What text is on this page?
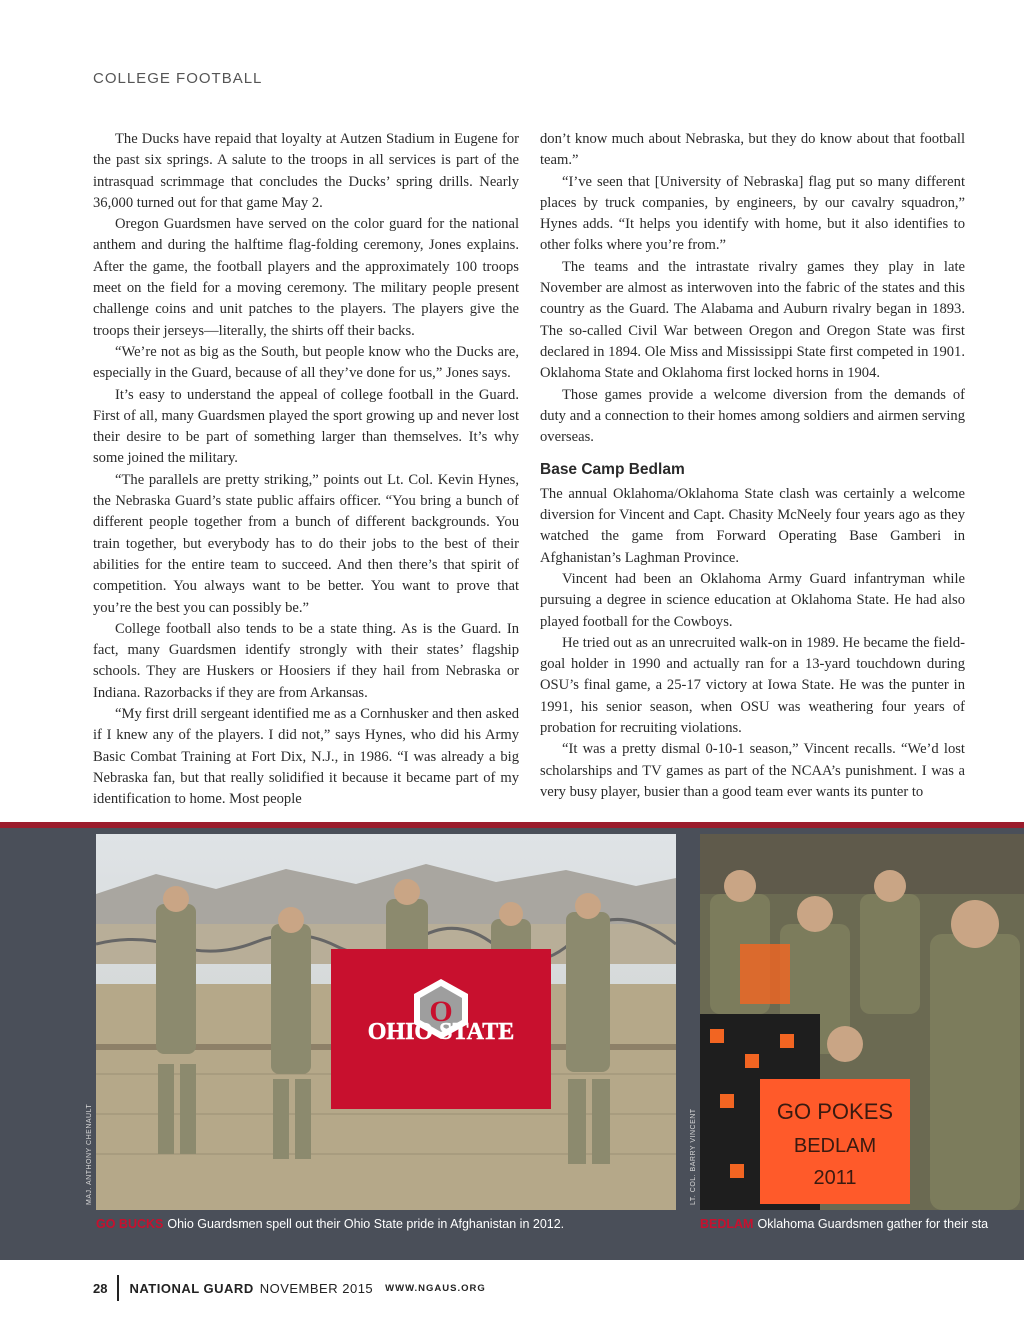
COLLEGE FOOTBALL

The Ducks have repaid that loyalty at Autzen Stadium in Eugene for the past six springs. A salute to the troops in all services is part of the intrasquad scrimmage that concludes the Ducks’ spring drills. Nearly 36,000 turned out for that game May 2.

Oregon Guardsmen have served on the color guard for the national anthem and during the halftime flag-folding ceremony, Jones explains. After the game, the football players and the approximately 100 troops meet on the field for a moving ceremony. The military people present challenge coins and unit patches to the players. The players give the troops their jerseys—literally, the shirts off their backs.

“We’re not as big as the South, but people know who the Ducks are, especially in the Guard, because of all they’ve done for us,” Jones says.

It’s easy to understand the appeal of college football in the Guard. First of all, many Guardsmen played the sport growing up and never lost their desire to be part of something larger than themselves. It’s why some joined the military.

“The parallels are pretty striking,” points out Lt. Col. Kevin Hynes, the Nebraska Guard’s state public affairs officer. “You bring a bunch of different people together from a bunch of different backgrounds. You train together, but everybody has to do their jobs to the best of their abilities for the entire team to succeed. And then there’s that spirit of competition. You always want to be better. You want to prove that you’re the best you can possibly be.”

College football also tends to be a state thing. As is the Guard. In fact, many Guardsmen identify strongly with their states’ flagship schools. They are Huskers or Hoosiers if they hail from Nebraska or Indiana. Razorbacks if they are from Arkansas.

“My first drill sergeant identified me as a Cornhusker and then asked if I knew any of the players. I did not,” says Hynes, who did his Army Basic Combat Training at Fort Dix, N.J., in 1986. “I was already a big Nebraska fan, but that really solidified it because it became part of my identification to home. Most people

don’t know much about Nebraska, but they do know about that football team.”

“I’ve seen that [University of Nebraska] flag put so many different places by truck companies, by engineers, by our cavalry squadron,” Hynes adds. “It helps you identify with home, but it also identifies to other folks where you’re from.”

The teams and the intrastate rivalry games they play in late November are almost as interwoven into the fabric of the states and this country as the Guard. The Alabama and Auburn rivalry began in 1893. The so-called Civil War between Oregon and Oregon State was first declared in 1894. Ole Miss and Mississippi State first competed in 1901. Oklahoma State and Oklahoma first locked horns in 1904.

Those games provide a welcome diversion from the demands of duty and a connection to their homes among soldiers and airmen serving overseas.

Base Camp Bedlam

The annual Oklahoma/Oklahoma State clash was certainly a welcome diversion for Vincent and Capt. Chasity McNeely four years ago as they watched the game from Forward Operating Base Gamberi in Afghanistan’s Laghman Province.

Vincent had been an Oklahoma Army Guard infantryman while pursuing a degree in science education at Oklahoma State. He had also played football for the Cowboys.

He tried out as an unrecruited walk-on in 1989. He became the field-goal holder in 1990 and actually ran for a 13-yard touchdown during OSU’s final game, a 25-17 victory at Iowa State. He was the punter in 1991, his senior season, when OSU was weathering four years of probation for recruiting violations.

“It was a pretty dismal 0-10-1 season,” Vincent recalls. “We’d lost scholarships and TV games as part of the NCAA’s punishment. I was a very busy player, busier than a good team ever wants its punter to

O
OHIO STATE
MAJ. ANTHONY CHENAULT
GO BUCKS Ohio Guardsmen spell out their Ohio State pride in Afghanistan in 2012.
GO POKES
BEDLAM
2011
LT. COL. BARRY VINCENT
BEDLAM Oklahoma Guardsmen gather for their sta
28 NATIONAL GUARD NOVEMBER 2015 WWW.NGAUS.ORG
